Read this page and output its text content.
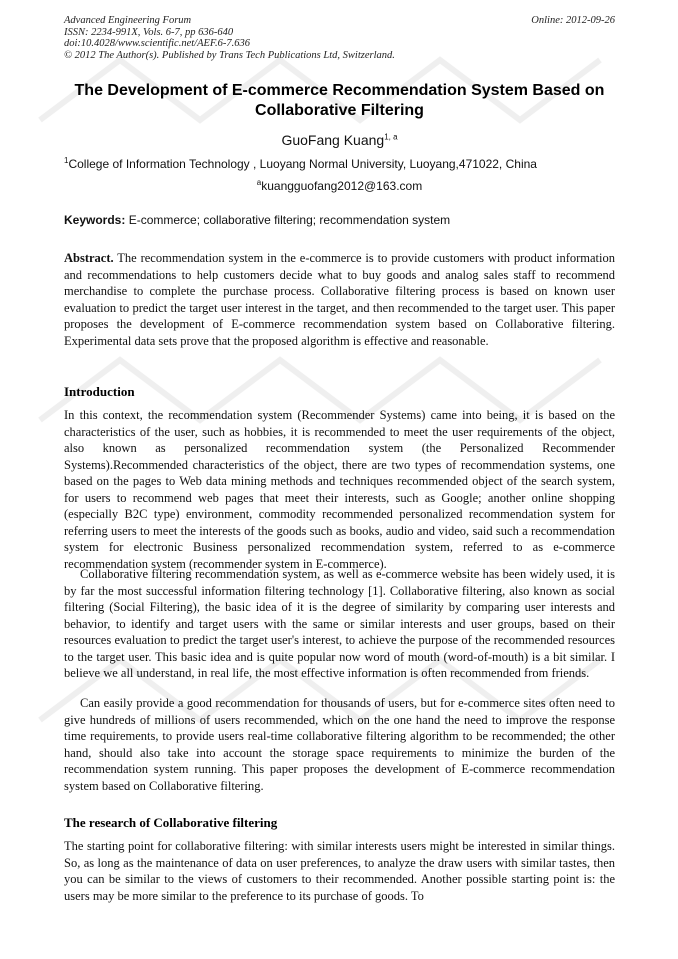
Advanced Engineering Forum	Online: 2012-09-26
ISSN: 2234-991X, Vols. 6-7, pp 636-640
doi:10.4028/www.scientific.net/AEF.6-7.636
© 2012 The Author(s). Published by Trans Tech Publications Ltd, Switzerland.
The Development of E-commerce Recommendation System Based on Collaborative Filtering
GuoFang Kuang$^{1, a}$
$^1$College of Information Technology , Luoyang Normal University, Luoyang,471022, China
$^a$kuangguofang2012@163.com
Keywords: E-commerce; collaborative filtering; recommendation system
Abstract. The recommendation system in the e-commerce is to provide customers with product information and recommendations to help customers decide what to buy goods and analog sales staff to recommend merchandise to complete the purchase process. Collaborative filtering process is based on known user evaluation to predict the target user interest in the target, and then recommended to the target user. This paper proposes the development of E-commerce recommendation system based on Collaborative filtering. Experimental data sets prove that the proposed algorithm is effective and reasonable.
Introduction
In this context, the recommendation system (Recommender Systems) came into being, it is based on the characteristics of the user, such as hobbies, it is recommended to meet the user requirements of the object, also known as personalized recommendation system (the Personalized Recommender Systems).Recommended characteristics of the object, there are two types of recommendation systems, one based on the pages to Web data mining methods and techniques recommended object of the search system, for users to recommend web pages that meet their interests, such as Google; another online shopping (especially B2C type) environment, commodity recommended personalized recommendation system for referring users to meet the interests of the goods such as books, audio and video, said such a recommendation system for electronic Business personalized recommendation system, referred to as e-commerce recommendation system (recommender system in E-commerce).
Collaborative filtering recommendation system, as well as e-commerce website has been widely used, it is by far the most successful information filtering technology [1]. Collaborative filtering, also known as social filtering (Social Filtering), the basic idea of it is the degree of similarity by comparing user interests and behavior, to identify and target users with the same or similar interests and user groups, based on their resources evaluation to predict the target user's interest, to achieve the purpose of the recommended resources to the target user. This basic idea and is quite popular now word of mouth (word-of-mouth) is a bit similar. I believe we all understand, in real life, the most effective information is often recommended from friends.
Can easily provide a good recommendation for thousands of users, but for e-commerce sites often need to give hundreds of millions of users recommended, which on the one hand the need to improve the response time requirements, to provide users real-time collaborative filtering algorithm to be recommended; the other hand, should also take into account the storage space requirements to minimize the burden of the recommendation system running. This paper proposes the development of E-commerce recommendation system based on Collaborative filtering.
The research of Collaborative filtering
The starting point for collaborative filtering: with similar interests users might be interested in similar things. So, as long as the maintenance of data on user preferences, to analyze the draw users with similar tastes, then you can be similar to the views of customers to their recommended. Another possible starting point is: the users may be more similar to the preference to its purchase of goods. To
